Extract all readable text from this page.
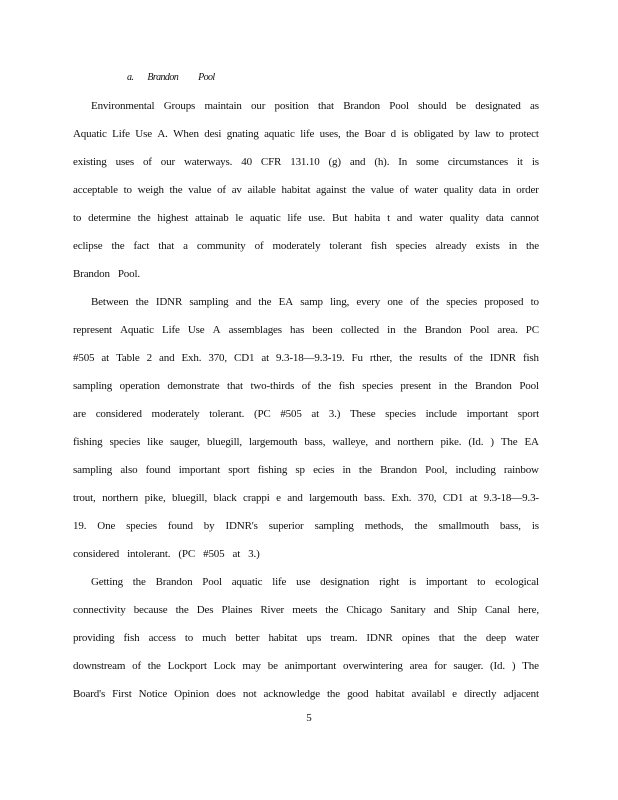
a. Brandon Pool
Environmental Groups maintain our position that Brandon Pool should be designated as
Aquatic Life Use A. When desi gnating aquatic life uses, the Boar d is obligated by law to protect
existing uses of our waterways. 40 CFR 131.10 (g) and (h). In some circumstances it is
acceptable to weigh the value of av ailable habitat against the value of water quality data in order
to determine the highest attainab le aquatic life use. But habita t and water quality data cannot
eclipse the fact that a community of moderately tolerant fish species already exists in the
Brandon Pool.
Between the IDNR sampling and the EA samp ling, every one of the species proposed to
represent Aquatic Life Use A assemblages has been collected in the Brandon Pool area. PC
#505 at Table 2 and Exh. 370, CD1 at 9.3-18—9.3-19. Fu rther, the results of the IDNR fish
sampling operation demonstrate that two-thirds of the fish species present in the Brandon Pool
are considered moderately tolerant. (PC #505 at 3.) These species include important sport
fishing species like sauger, bluegill, largemouth bass, walleye, and northern pike. (Id. ) The EA
sampling also found important sport fishing sp ecies in the Brandon Pool, including rainbow
trout, northern pike, bluegill, black crappi e and largemouth bass. Exh. 370, CD1 at 9.3-18—9.3-
19. One species found by IDNR's superior sampling methods, the smallmouth bass, is
considered intolerant. (PC #505 at 3.)
Getting the Brandon Pool aquatic life use designation right is important to ecological
connectivity because the Des Plaines River meets the Chicago Sanitary and Ship Canal here,
providing fish access to much better habitat ups tream. IDNR opines that the deep water
downstream of the Lockport Lock may be animportant overwintering area for sauger. (Id. ) The
Board's First Notice Opinion does not acknowledge the good habitat availabl e directly adjacent
5
